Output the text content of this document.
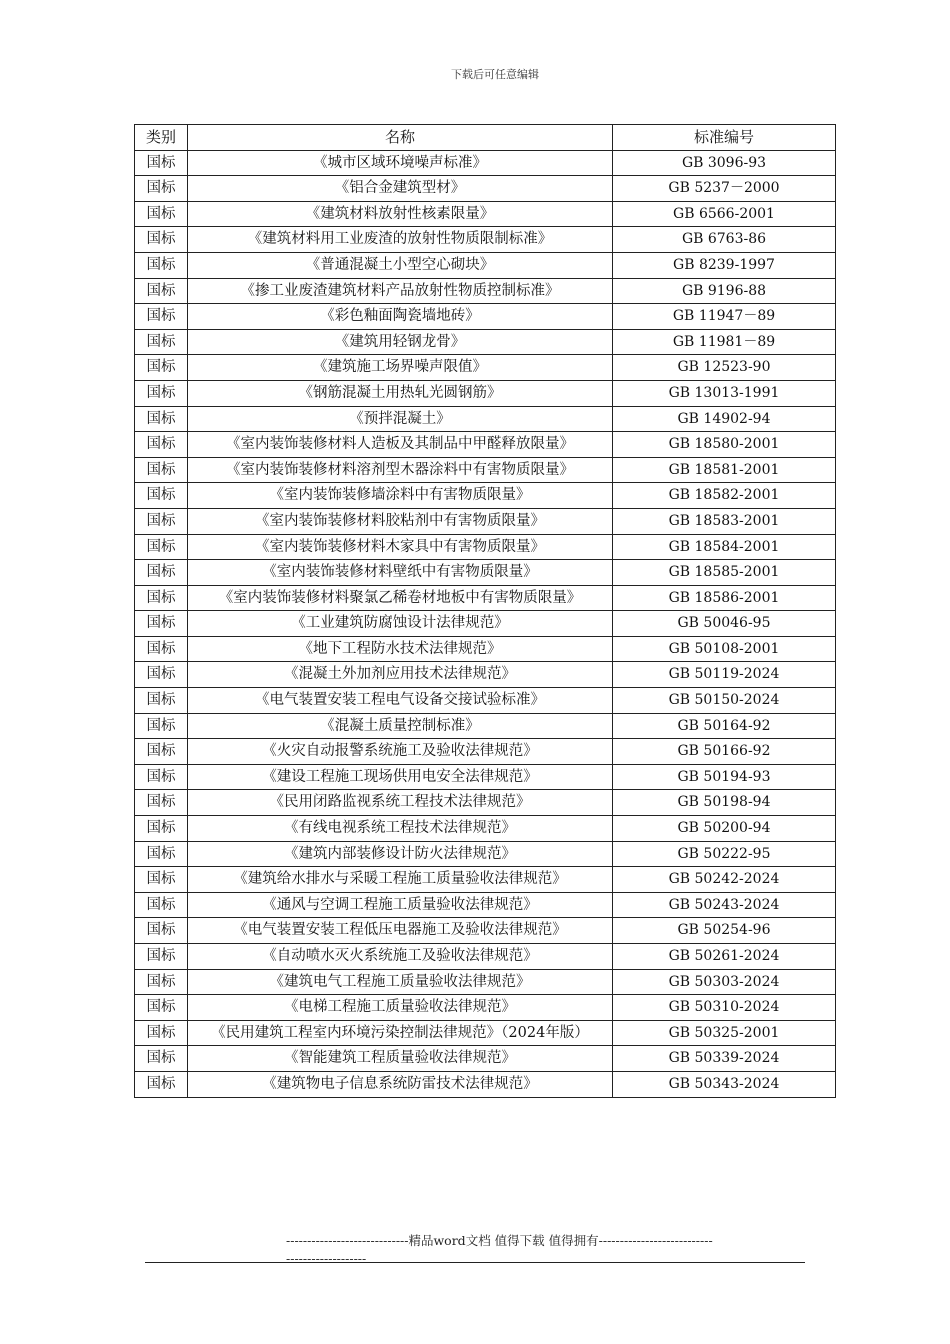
下载后可任意编辑
类别	名称	标准编号
国标	《城市区域环境噪声标准》	GB 3096-93
国标	《铝合金建筑型材》	GB 5237－2000
国标	《建筑材料放射性核素限量》	GB 6566-2001
国标	《建筑材料用工业废渣的放射性物质限制标准》	GB 6763-86
国标	《普通混凝土小型空心砌块》	GB 8239-1997
国标	《掺工业废渣建筑材料产品放射性物质控制标准》	GB 9196-88
国标	《彩色釉面陶瓷墙地砖》	GB 11947－89
国标	《建筑用轻钢龙骨》	GB 11981－89
国标	《建筑施工场界噪声限值》	GB 12523-90
国标	《钢筋混凝土用热轧光圆钢筋》	GB 13013-1991
国标	《预拌混凝土》	GB 14902-94
国标	《室内装饰装修材料人造板及其制品中甲醛释放限量》	GB 18580-2001
国标	《室内装饰装修材料溶剂型木器涂料中有害物质限量》	GB 18581-2001
国标	《室内装饰装修墙涂料中有害物质限量》	GB 18582-2001
国标	《室内装饰装修材料胶粘剂中有害物质限量》	GB 18583-2001
国标	《室内装饰装修材料木家具中有害物质限量》	GB 18584-2001
国标	《室内装饰装修材料壁纸中有害物质限量》	GB 18585-2001
国标	《室内装饰装修材料聚氯乙稀卷材地板中有害物质限量》	GB 18586-2001
国标	《工业建筑防腐蚀设计法律规范》	GB 50046-95
国标	《地下工程防水技术法律规范》	GB 50108-2001
国标	《混凝土外加剂应用技术法律规范》	GB 50119-2024
国标	《电气装置安装工程电气设备交接试验标准》	GB 50150-2024
国标	《混凝土质量控制标准》	GB 50164-92
国标	《火灾自动报警系统施工及验收法律规范》	GB 50166-92
国标	《建设工程施工现场供用电安全法律规范》	GB 50194-93
国标	《民用闭路监视系统工程技术法律规范》	GB 50198-94
国标	《有线电视系统工程技术法律规范》	GB 50200-94
国标	《建筑内部装修设计防火法律规范》	GB 50222-95
国标	《建筑给水排水与采暖工程施工质量验收法律规范》	GB 50242-2024
国标	《通风与空调工程施工质量验收法律规范》	GB 50243-2024
国标	《电气装置安装工程低压电器施工及验收法律规范》	GB 50254-96
国标	《自动喷水灭火系统施工及验收法律规范》	GB 50261-2024
国标	《建筑电气工程施工质量验收法律规范》	GB 50303-2024
国标	《电梯工程施工质量验收法律规范》	GB 50310-2024
国标	《民用建筑工程室内环境污染控制法律规范》（2024年版）	GB 50325-2001
国标	《智能建筑工程质量验收法律规范》	GB 50339-2024
国标	《建筑物电子信息系统防雷技术法律规范》	GB 50343-2024
-----------------------------精品word文档 值得下载 值得拥有----------------------------------------------
